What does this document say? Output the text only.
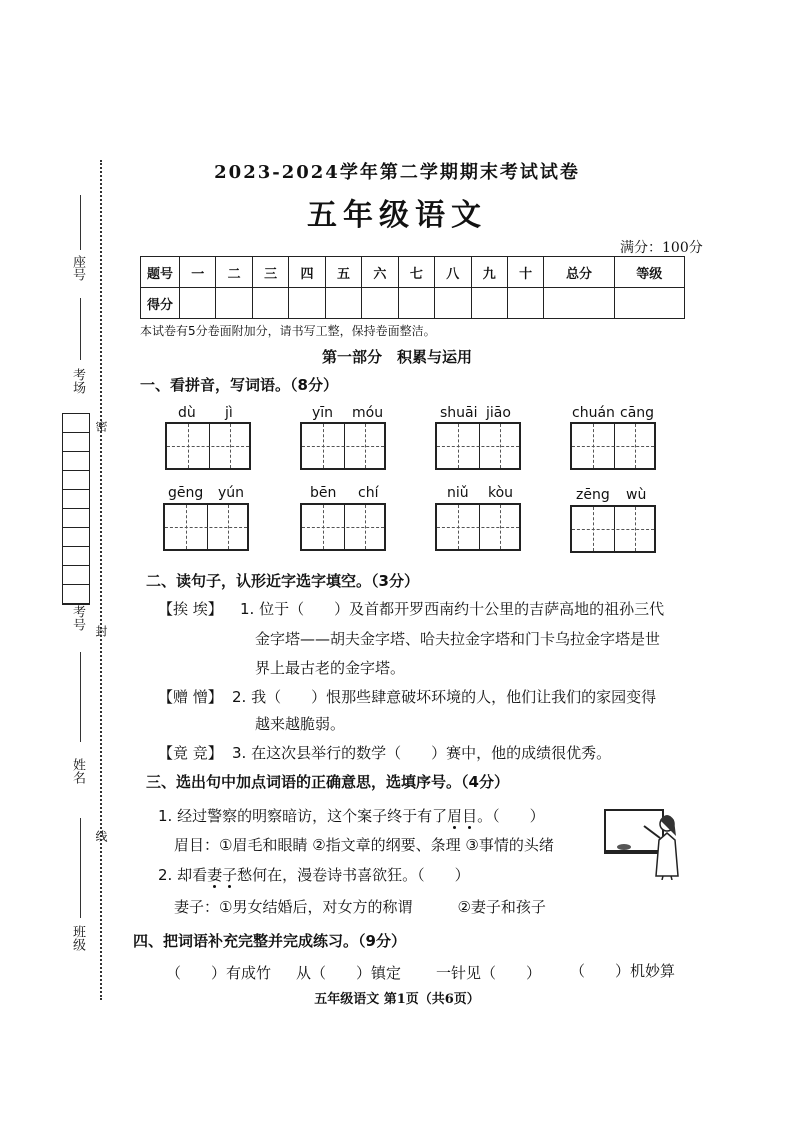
座号
考场
考号
密
封
姓名
线
班级
2023-2024学年第二学期期末考试试卷
五年级语文
满分：100分
题号	一	二	三	四	五	六	七	八	九	十	总分	等级
得分												
本试卷有5分卷面附加分，请书写工整，保持卷面整洁。
第一部分　积累与运用
一、看拼音，写词语。（8分）
dù jì	yīn móu	shuāi jiāo	chuán cāng
gēng yún	bēn chí	niǔ kòu	zēng wù
二、读句子，认形近字选字填空。（3分）
【挨 埃】 1. 位于（　　）及首都开罗西南约十公里的吉萨高地的祖孙三代
金字塔——胡夫金字塔、哈夫拉金字塔和门卡乌拉金字塔是世
界上最古老的金字塔。
【赠 憎】 2. 我（　　）恨那些肆意破坏环境的人，他们让我们的家园变得
越来越脆弱。
【竟 竞】 3. 在这次县举行的数学（　　）赛中，他的成绩很优秀。
三、选出句中加点词语的正确意思，选填序号。（4分）
1. 经过警察的明察暗访，这个案子终于有了眉目。（　　）
眉目：①眉毛和眼睛 ②指文章的纲要、条理 ③事情的头绪
2. 却看妻子愁何在，漫卷诗书喜欲狂。（　　）
妻子：①男女结婚后，对女方的称谓　　　②妻子和孩子
四、把词语补充完整并完成练习。（9分）
（　　）有成竹 从（　　）镇定 一针见（　　） （　　）机妙算
五年级语文 第1页（共6页）
